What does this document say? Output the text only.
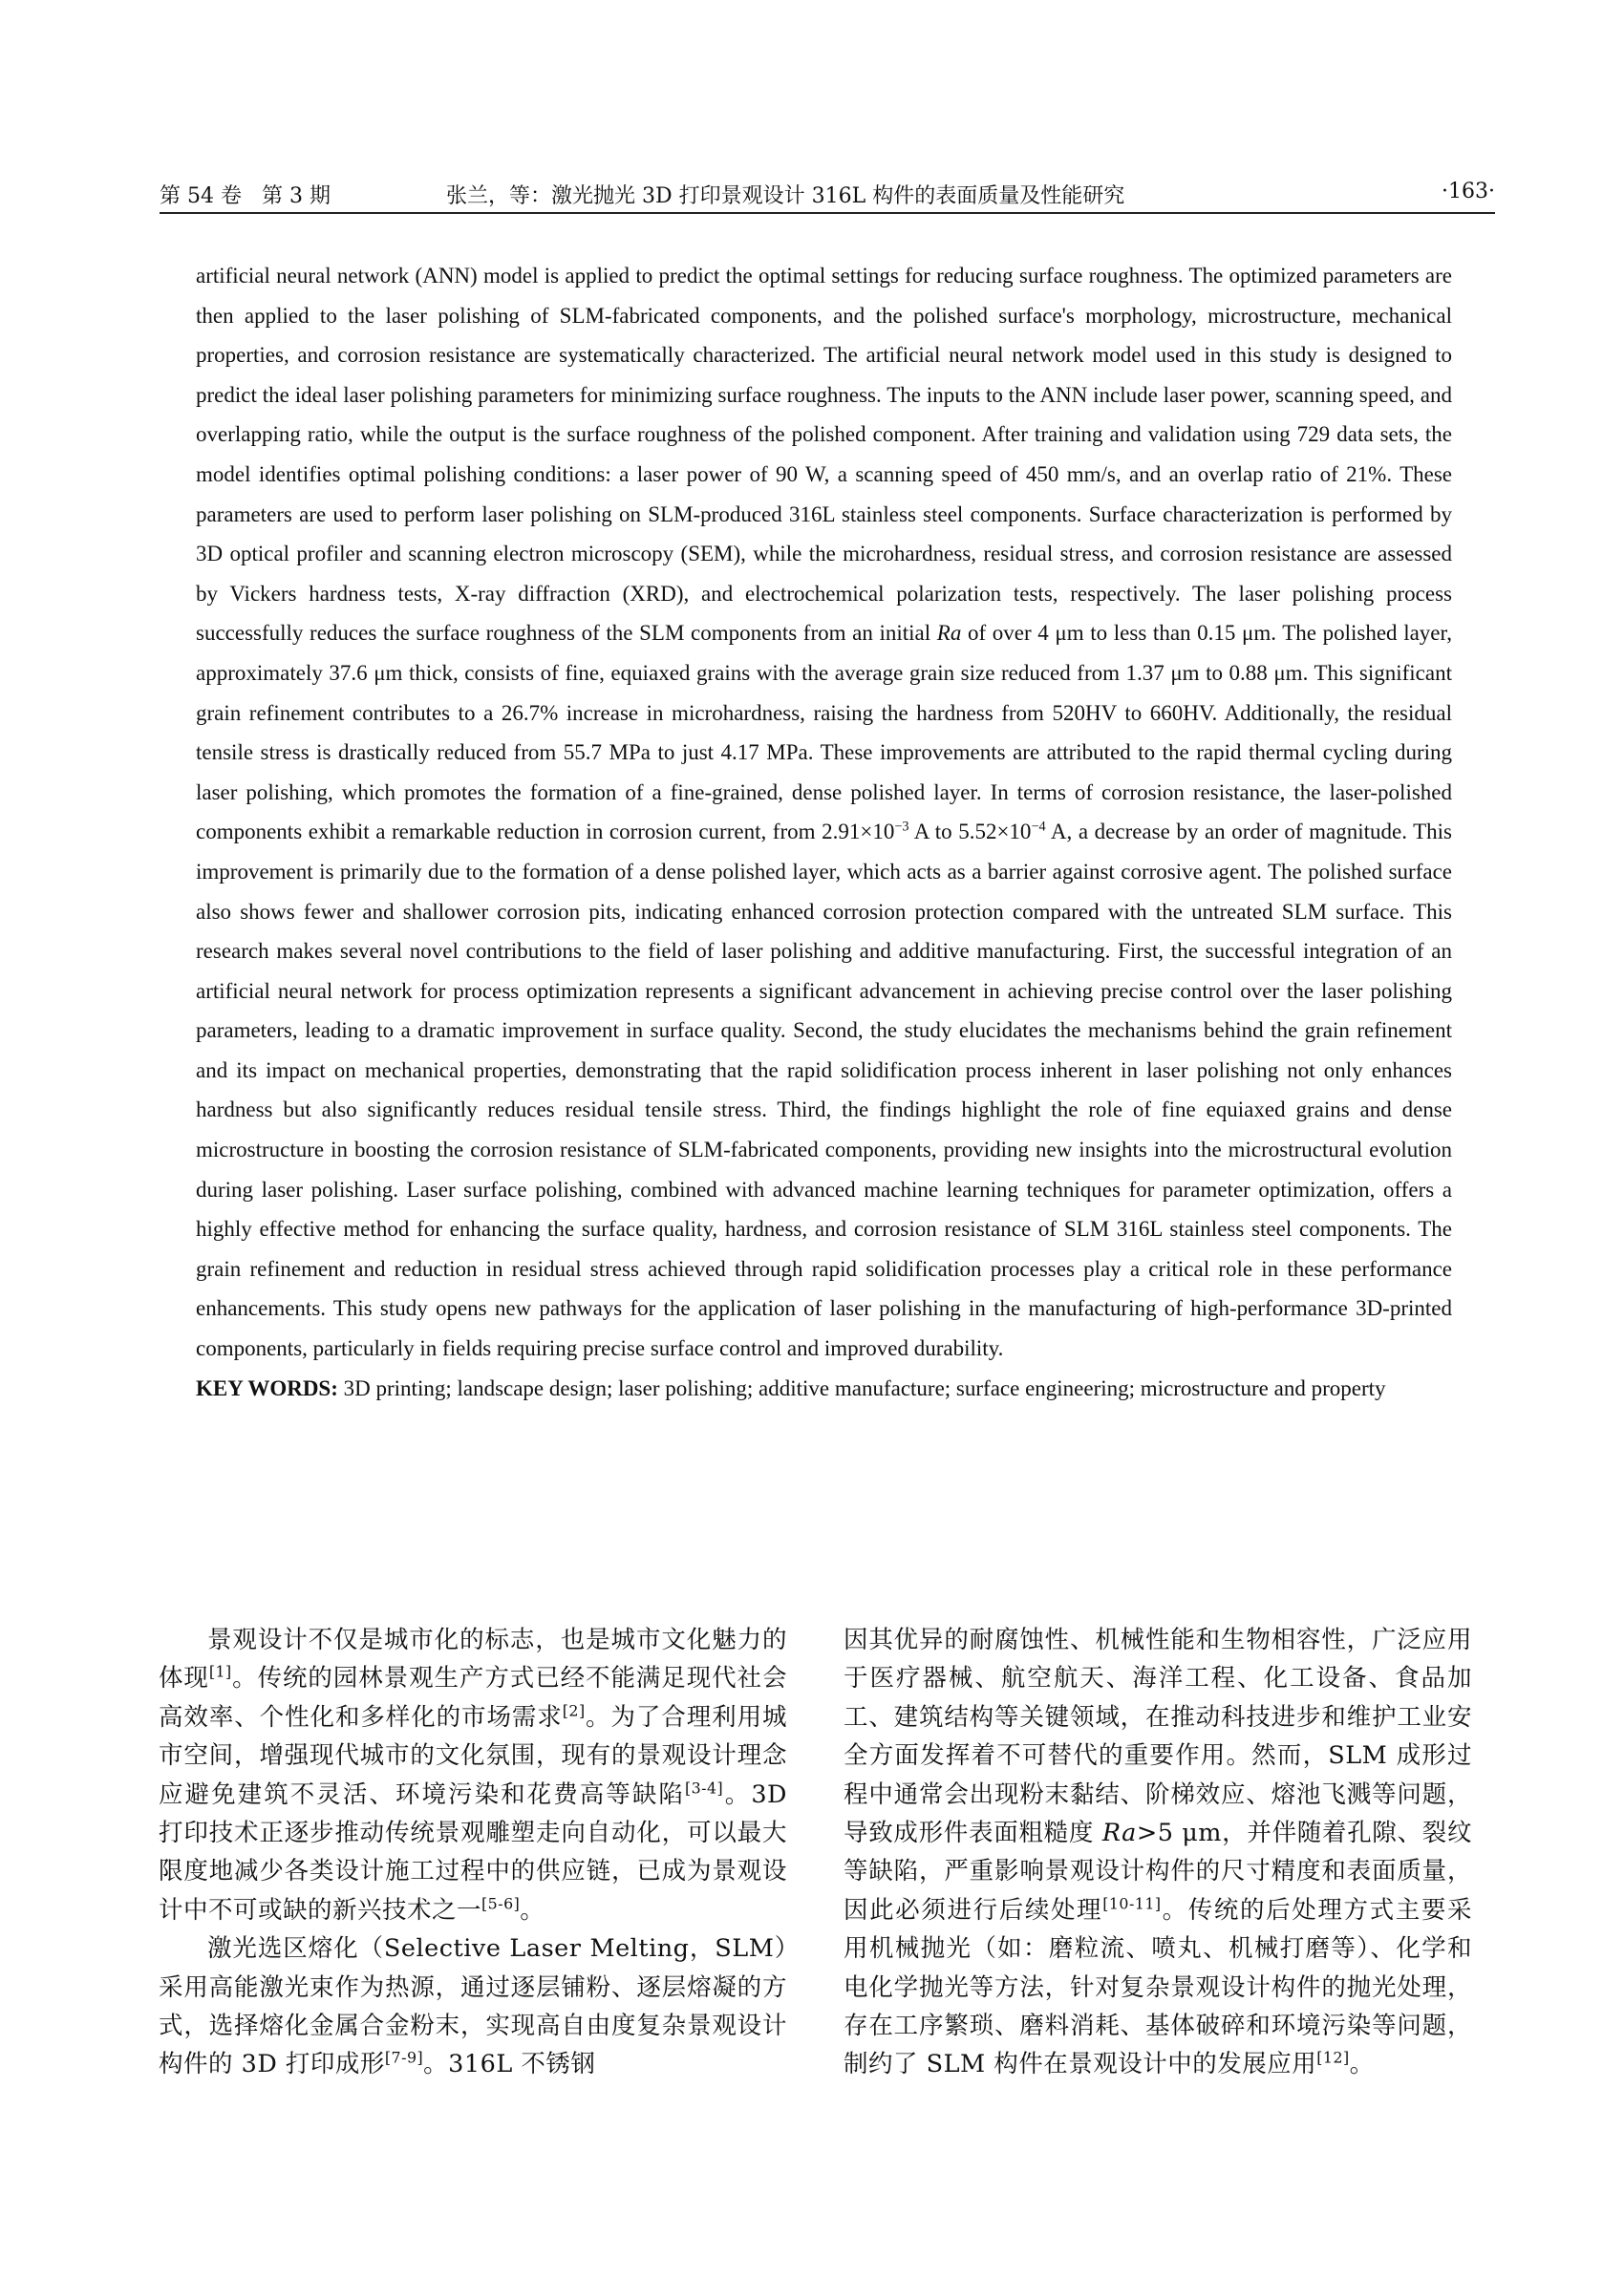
第 54 卷   第 3 期	张兰，等：激光抛光 3D 打印景观设计 316L 构件的表面质量及性能研究	·163·

artificial neural network (ANN) model is applied to predict the optimal settings for reducing surface roughness. The optimized parameters are then applied to the laser polishing of SLM-fabricated components, and the polished surface's morphology, microstructure, mechanical properties, and corrosion resistance are systematically characterized. The artificial neural network model used in this study is designed to predict the ideal laser polishing parameters for minimizing surface roughness. The inputs to the ANN include laser power, scanning speed, and overlapping ratio, while the output is the surface roughness of the polished component. After training and validation using 729 data sets, the model identifies optimal polishing conditions: a laser power of 90 W, a scanning speed of 450 mm/s, and an overlap ratio of 21%. These parameters are used to perform laser polishing on SLM-produced 316L stainless steel components. Surface characterization is performed by 3D optical profiler and scanning electron microscopy (SEM), while the microhardness, residual stress, and corrosion resistance are assessed by Vickers hardness tests, X-ray diffraction (XRD), and electrochemical polarization tests, respectively. The laser polishing process successfully reduces the surface roughness of the SLM components from an initial Ra of over 4 μm to less than 0.15 μm. The polished layer, approximately 37.6 μm thick, consists of fine, equiaxed grains with the average grain size reduced from 1.37 μm to 0.88 μm. This significant grain refinement contributes to a 26.7% increase in microhardness, raising the hardness from 520HV to 660HV. Additionally, the residual tensile stress is drastically reduced from 55.7 MPa to just 4.17 MPa. These improvements are attributed to the rapid thermal cycling during laser polishing, which promotes the formation of a fine-grained, dense polished layer. In terms of corrosion resistance, the laser-polished components exhibit a remarkable reduction in corrosion current, from $2.91\times 10^{-3}$ A to $5.52\times 10^{-4}$ A, a decrease by an order of magnitude. This improvement is primarily due to the formation of a dense polished layer, which acts as a barrier against corrosive agent. The polished surface also shows fewer and shallower corrosion pits, indicating enhanced corrosion protection compared with the untreated SLM surface. This research makes several novel contributions to the field of laser polishing and additive manufacturing. First, the successful integration of an artificial neural network for process optimization represents a significant advancement in achieving precise control over the laser polishing parameters, leading to a dramatic improvement in surface quality. Second, the study elucidates the mechanisms behind the grain refinement and its impact on mechanical properties, demonstrating that the rapid solidification process inherent in laser polishing not only enhances hardness but also significantly reduces residual tensile stress. Third, the findings highlight the role of fine equiaxed grains and dense microstructure in boosting the corrosion resistance of SLM-fabricated components, providing new insights into the microstructural evolution during laser polishing. Laser surface polishing, combined with advanced machine learning techniques for parameter optimization, offers a highly effective method for enhancing the surface quality, hardness, and corrosion resistance of SLM 316L stainless steel components. The grain refinement and reduction in residual stress achieved through rapid solidification processes play a critical role in these performance enhancements. This study opens new pathways for the application of laser polishing in the manufacturing of high-performance 3D-printed components, particularly in fields requiring precise surface control and improved durability.

KEY WORDS: 3D printing; landscape design; laser polishing; additive manufacture; surface engineering; microstructure and property

景观设计不仅是城市化的标志，也是城市文化魅力的体现[1]。传统的园林景观生产方式已经不能满足现代社会高效率、个性化和多样化的市场需求[2]。为了合理利用城市空间，增强现代城市的文化氛围，现有的景观设计理念应避免建筑不灵活、环境污染和花费高等缺陷[3-4]。3D 打印技术正逐步推动传统景观雕塑走向自动化，可以最大限度地减少各类设计施工过程中的供应链，已成为景观设计中不可或缺的新兴技术之一[5-6]。

激光选区熔化（Selective Laser Melting，SLM）采用高能激光束作为热源，通过逐层铺粉、逐层熔凝的方式，选择熔化金属合金粉末，实现高自由度复杂景观设计构件的 3D 打印成形[7-9]。316L 不锈钢

因其优异的耐腐蚀性、机械性能和生物相容性，广泛应用于医疗器械、航空航天、海洋工程、化工设备、食品加工、建筑结构等关键领域，在推动科技进步和维护工业安全方面发挥着不可替代的重要作用。然而，SLM 成形过程中通常会出现粉末黏结、阶梯效应、熔池飞溅等问题，导致成形件表面粗糙度 Ra>5 μm，并伴随着孔隙、裂纹等缺陷，严重影响景观设计构件的尺寸精度和表面质量，因此必须进行后续处理[10-11]。传统的后处理方式主要采用机械抛光（如：磨粒流、喷丸、机械打磨等）、化学和电化学抛光等方法，针对复杂景观设计构件的抛光处理，存在工序繁琐、磨料消耗、基体破碎和环境污染等问题，制约了 SLM 构件在景观设计中的发展应用[12]。
